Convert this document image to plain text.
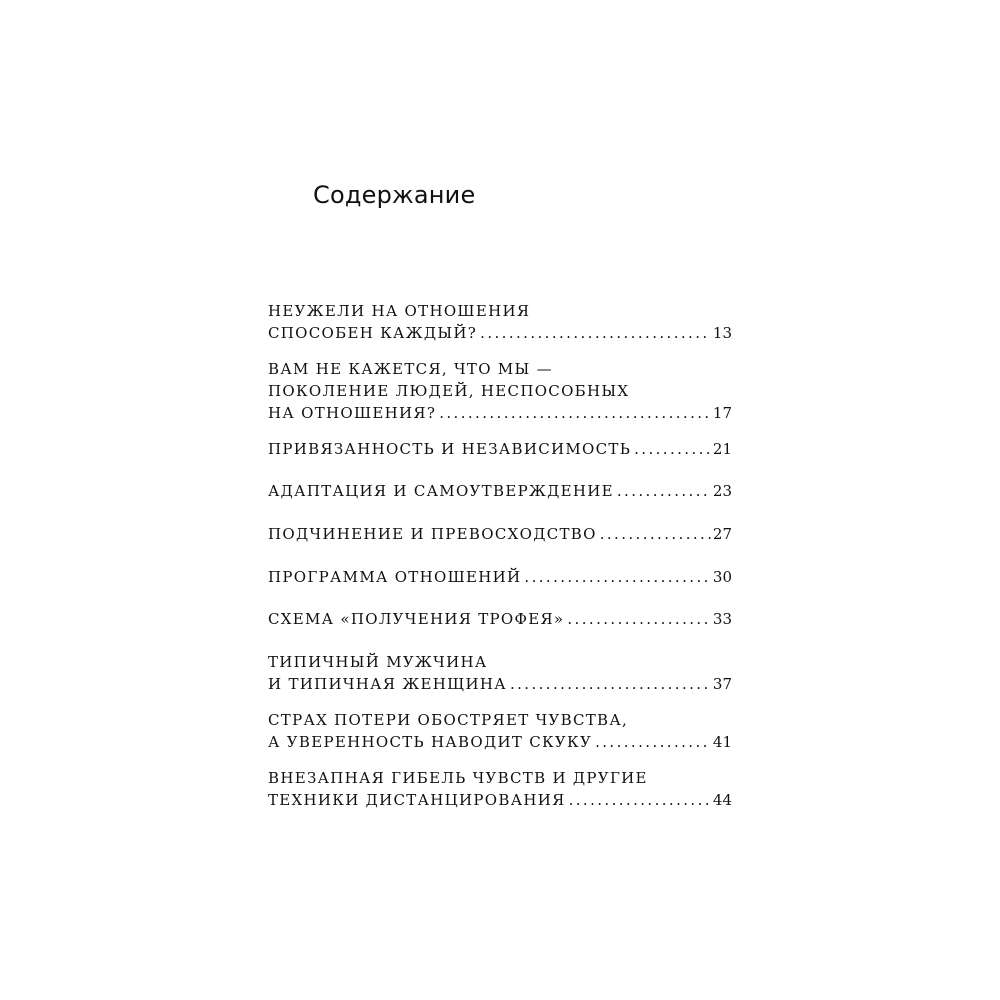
Содержание
НЕУЖЕЛИ НА ОТНОШЕНИЯ
СПОСОБЕН КАЖДЫЙ? .....	13
ВАМ НЕ КАЖЕТСЯ, ЧТО МЫ —
ПОКОЛЕНИЕ ЛЮДЕЙ, НЕСПОСОБНЫХ
НА ОТНОШЕНИЯ? .....	17
ПРИВЯЗАННОСТЬ И НЕЗАВИСИМОСТЬ .....	21
АДАПТАЦИЯ И САМОУТВЕРЖДЕНИЕ .....	23
ПОДЧИНЕНИЕ И ПРЕВОСХОДСТВО .....	27
ПРОГРАММА ОТНОШЕНИЙ .....	30
СХЕМА «ПОЛУЧЕНИЯ ТРОФЕЯ» .....	33
ТИПИЧНЫЙ МУЖЧИНА
И ТИПИЧНАЯ ЖЕНЩИНА .....	37
СТРАХ ПОТЕРИ ОБОСТРЯЕТ ЧУВСТВА,
А УВЕРЕННОСТЬ НАВОДИТ СКУКУ .....	41
ВНЕЗАПНАЯ ГИБЕЛЬ ЧУВСТВ И ДРУГИЕ
ТЕХНИКИ ДИСТАНЦИРОВАНИЯ .....	44
